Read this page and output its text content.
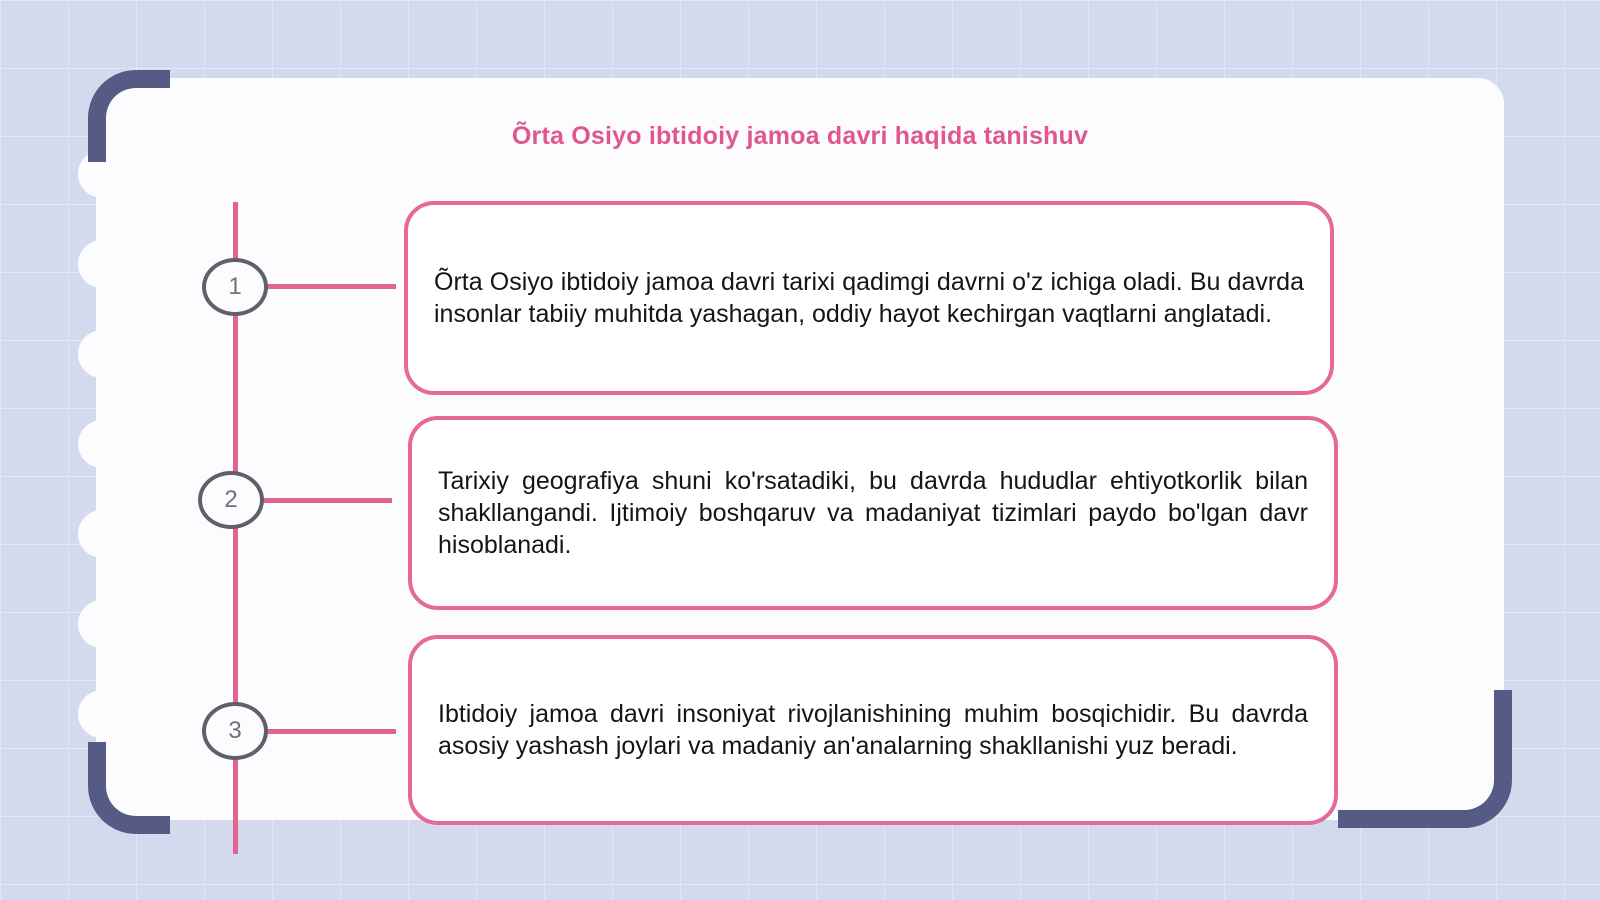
Õrta Osiyo ibtidoiy jamoa davri haqida tanishuv
1
2
3

Õrta Osiyo ibtidoiy jamoa davri tarixi qadimgi davrni o'z ichiga oladi. Bu davrda insonlar tabiiy muhitda yashagan, oddiy hayot kechirgan vaqtlarni anglatadi.

Tarixiy geografiya shuni ko'rsatadiki, bu davrda hududlar ehtiyotkorlik bilan shakllangandi. Ijtimoiy boshqaruv va madaniyat tizimlari paydo bo'lgan davr hisoblanadi.

Ibtidoiy jamoa davri insoniyat rivojlanishining muhim bosqichidir. Bu davrda asosiy yashash joylari va madaniy an'analarning shakllanishi yuz beradi.
